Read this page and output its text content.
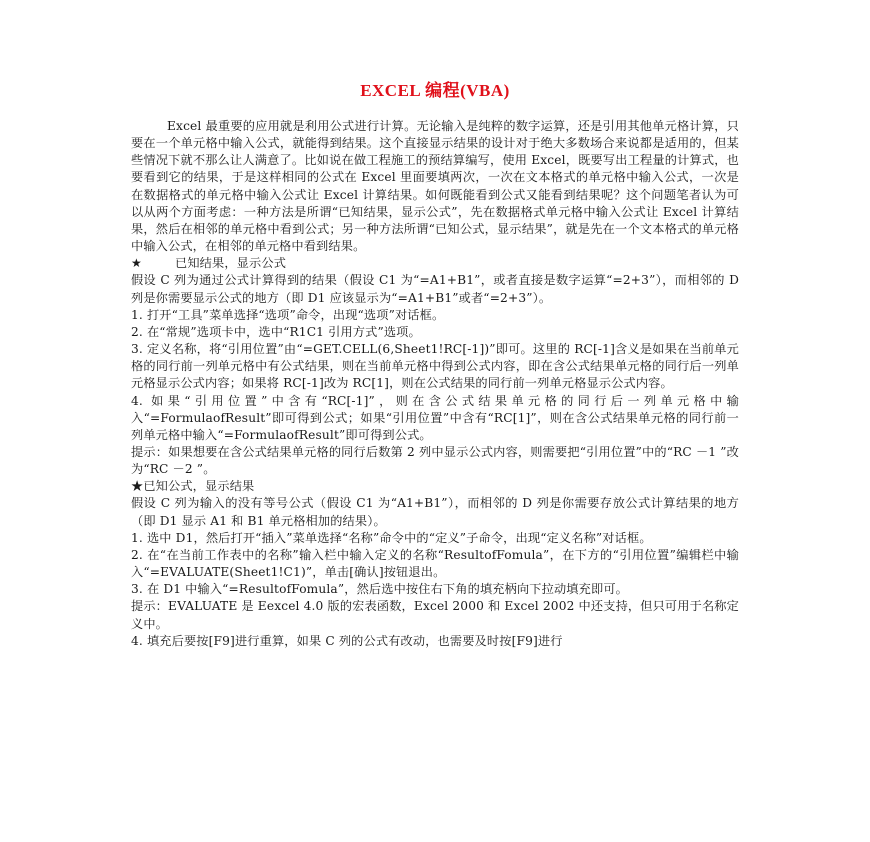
EXCEL 编程(VBA)

Excel 最重要的应用就是利用公式进行计算。无论输入是纯粹的数字运算，还是引用其他单元格计算，只要在一个单元格中输入公式，就能得到结果。这个直接显示结果的设计对于绝大多数场合来说都是适用的，但某些情况下就不那么让人满意了。比如说在做工程施工的预结算编写，使用 Excel，既要写出工程量的计算式，也要看到它的结果，于是这样相同的公式在 Excel 里面要填两次，一次在文本格式的单元格中输入公式，一次是在数据格式的单元格中输入公式让 Excel 计算结果。如何既能看到公式又能看到结果呢？这个问题笔者认为可以从两个方面考虑：一种方法是所谓“已知结果，显示公式”，先在数据格式单元格中输入公式让 Excel 计算结果，然后在相邻的单元格中看到公式；另一种方法所谓“已知公式，显示结果”，就是先在一个文本格式的单元格中输入公式，在相邻的单元格中看到结果。

★	已知结果，显示公式

假设 C 列为通过公式计算得到的结果（假设 C1 为“=A1+B1”，或者直接是数字运算“=2+3”），而相邻的 D 列是你需要显示公式的地方（即 D1 应该显示为“=A1+B1”或者“=2+3”）。

1. 打开“工具”菜单选择“选项”命令，出现“选项”对话框。

2. 在“常规”选项卡中，选中“R1C1 引用方式”选项。

3. 定义名称，将“引用位置”由“=GET.CELL(6,Sheet1!RC[-1])”即可。这里的 RC[-1]含义是如果在当前单元格的同行前一列单元格中有公式结果，则在当前单元格中得到公式内容，即在含公式结果单元格的同行后一列单元格显示公式内容；如果将 RC[-1]改为 RC[1]，则在公式结果的同行前一列单元格显示公式内容。

4. 如果“引用位置”中含有“RC[-1]”，则在含公式结果单元格的同行后一列单元格中输入“=FormulaofResult”即可得到公式；如果“引用位置”中含有“RC[1]”，则在含公式结果单元格的同行前一列单元格中输入“=FormulaofResult”即可得到公式。

提示：如果想要在含公式结果单元格的同行后数第 2 列中显示公式内容，则需要把“引用位置”中的“RC －1 ”改为“RC －2 ”。

★已知公式，显示结果

假设 C 列为输入的没有等号公式（假设 C1 为“A1+B1”），而相邻的 D 列是你需要存放公式计算结果的地方（即 D1 显示 A1 和 B1 单元格相加的结果）。

1. 选中 D1，然后打开“插入”菜单选择“名称”命令中的“定义”子命令，出现“定义名称”对话框。

2. 在“在当前工作表中的名称”输入栏中输入定义的名称“ResultofFomula”，在下方的“引用位置”编辑栏中输入“=EVALUATE(Sheet1!C1)”，单击[确认]按钮退出。

3. 在 D1 中输入“=ResultofFomula”，然后选中按住右下角的填充柄向下拉动填充即可。

提示：EVALUATE 是 Eexcel 4.0 版的宏表函数，Excel 2000 和 Excel 2002 中还支持，但只可用于名称定义中。

4. 填充后要按[F9]进行重算，如果 C 列的公式有改动，也需要及时按[F9]进行
